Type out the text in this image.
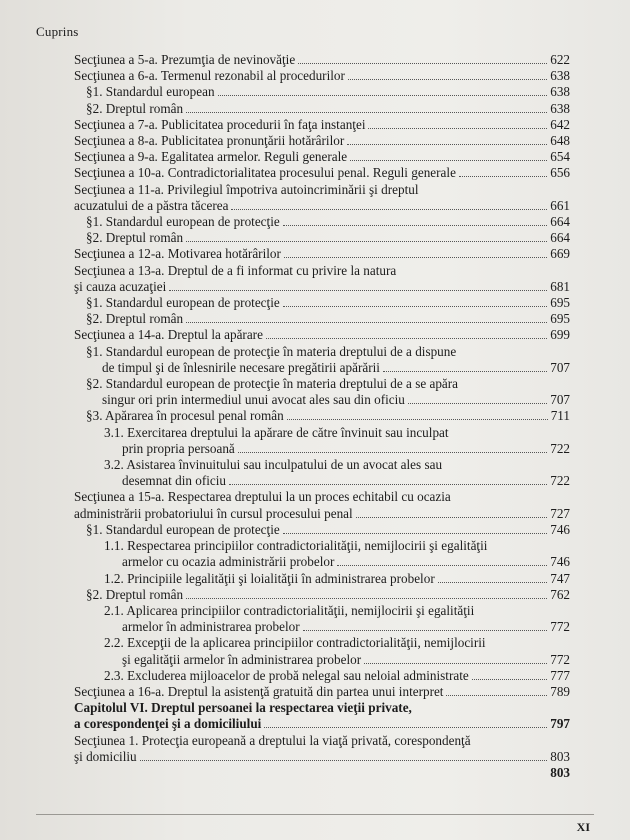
Cuprins
Secţiunea a 5-a. Prezumţia de nevinovăţie	622
Secţiunea a 6-a. Termenul rezonabil al procedurilor	638
§1. Standardul european	638
§2. Dreptul român	638
Secţiunea a 7-a. Publicitatea procedurii în faţa instanţei	642
Secţiunea a 8-a. Publicitatea pronunţării hotărârilor	648
Secţiunea a 9-a. Egalitatea armelor. Reguli generale	654
Secţiunea a 10-a. Contradictorialitatea procesului penal. Reguli generale	656
Secţiunea a 11-a. Privilegiul împotriva autoincriminării şi dreptul
acuzatului de a păstra tăcerea	661
§1. Standardul european de protecţie	664
§2. Dreptul român	664
Secţiunea a 12-a. Motivarea hotărârilor	669
Secţiunea a 13-a. Dreptul de a fi informat cu privire la natura
şi cauza acuzaţiei	681
§1. Standardul european de protecţie	695
§2. Dreptul român	695
Secţiunea a 14-a. Dreptul la apărare	699
§1. Standardul european de protecţie în materia dreptului de a dispune
de timpul şi de înlesnirile necesare pregătirii apărării	707
§2. Standardul european de protecţie în materia dreptului de a se apăra
singur ori prin intermediul unui avocat ales sau din oficiu	707
§3. Apărarea în procesul penal român	711
3.1. Exercitarea dreptului la apărare de către învinuit sau inculpat
prin propria persoană	722
3.2. Asistarea învinuitului sau inculpatului de un avocat ales sau
desemnat din oficiu	722
Secţiunea a 15-a. Respectarea dreptului la un proces echitabil cu ocazia
administrării probatoriului în cursul procesului penal	727
§1. Standardul european de protecţie	746
1.1. Respectarea principiilor contradictorialităţii, nemijlocirii şi egalităţii
armelor cu ocazia administrării probelor	746
1.2. Principiile legalităţii şi loialităţii în administrarea probelor	747
§2. Dreptul român	762
2.1. Aplicarea principiilor contradictorialităţii, nemijlocirii şi egalităţii
armelor în administrarea probelor	772
2.2. Excepţii de la aplicarea principiilor contradictorialităţii, nemijlocirii
şi egalităţii armelor în administrarea probelor	772
2.3. Excluderea mijloacelor de probă nelegal sau neloial administrate	777
Secţiunea a 16-a. Dreptul la asistenţă gratuită din partea unui interpret	789
Capitolul VI. Dreptul persoanei la respectarea vieţii private,
a corespondenţei şi a domiciliului	797
Secţiunea 1. Protecţia europeană a dreptului la viaţă privată, corespondenţă
şi domiciliu	803
803
XI
